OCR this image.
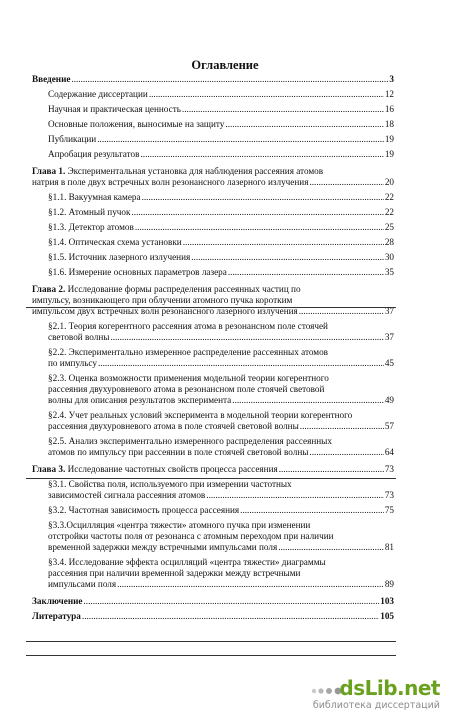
Оглавление
Введение .....	3
Содержание диссертации .....	12
Научная и практическая ценность .....	16
Основные положения, выносимые на защиту .....	18
Публикации .....	19
Апробация результатов .....	19
Глава 1. Экспериментальная установка для наблюдения рассеяния атомов
натрия в поле двух встречных волн резонансного лазерного излучения .....	20
§1.1. Вакуумная камера .....	22
§1.2. Атомный пучок .....	22
§1.3. Детектор атомов .....	25
§1.4. Оптическая схема установки .....	28
§1.5. Источник лазерного излучения .....	30
§1.6. Измерение основных параметров лазера .....	35
Глава 2. Исследование формы распределения рассеянных частиц по
импульсу, возникающего при облучении атомного пучка коротким
импульсом двух встречных волн резонансного лазерного излучения .....	37
§2.1. Теория когерентного рассеяния атома в резонансном поле стоячей
световой волны .....	37
§2.2. Экспериментально измеренное распределение рассеянных атомов
по импульсу .....	45
§2.3. Оценка возможности применения модельной теории когерентного
рассеяния двухуровневого атома в резонансном поле стоячей световой
волны для описания результатов эксперимента .....	49
§2.4. Учет реальных условий эксперимента в модельной теории когерентного
рассеяния двухуровневого атома в поле стоячей световой волны .....	57
§2.5. Анализ экспериментально измеренного распределения рассеянных
атомов по импульсу при рассеянии в поле стоячей световой волны .....	64
Глава 3. Исследование частотных свойств процесса рассеяния .....	73
§3.1. Свойства поля, используемого при измерении частотных
зависимостей сигнала рассеяния атомов .....	73
§3.2. Частотная зависимость процесса рассеяния .....	75
§3.3.Осцилляция «центра тяжести» атомного пучка при изменении
отстройки частоты поля от резонанса с атомным переходом при наличии
временной задержки между встречными импульсами поля .....	81
§3.4. Исследование эффекта осцилляций «центра тяжести» диаграммы
рассеяния при наличии временной задержки между встречными
импульсами поля .....	89
Заключение .....	103
Литература .....	105
dsLib.net
библиотека диссертаций
